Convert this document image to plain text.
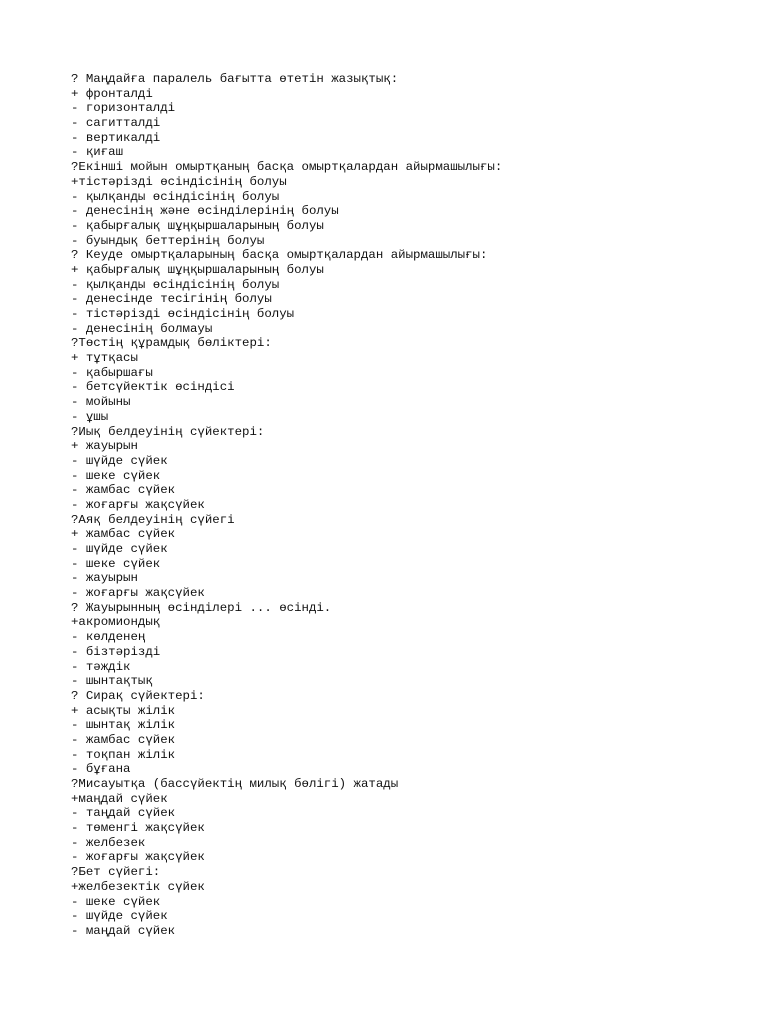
? Маңдайға паралель бағытта өтетін жазықтық:
+ фронталді
- горизонталді
- сагитталді
- вертикалді
- қиғаш
?Екінші мойын омыртқаның басқа омыртқалардан айырмашылығы:
+тістәрізді өсіндісінің болуы
- қылқанды өсіндісінің болуы
- денесінің және өсінділерінің болуы
- қабырғалық шұңқыршаларының болуы
- буындық беттерінің болуы
? Кеуде омыртқаларының басқа омыртқалардан айырмашылығы:
+ қабырғалық шұңқыршаларының болуы
- қылқанды өсіндісінің болуы
- денесінде тесігінің болуы
- тістәрізді өсіндісінің болуы
- денесінің болмауы
?Төстің құрамдық бөліктері:
+ тұтқасы
- қабыршағы
- бетсүйектік өсіндісі
- мойыны
- ұшы
?Иық белдеуінің сүйектері:
+ жауырын
- шүйде сүйек
- шеке сүйек
- жамбас сүйек
- жоғарғы жақсүйек
?Аяқ белдеуінің сүйегі
+ жамбас сүйек
- шүйде сүйек
- шеке сүйек
- жауырын
- жоғарғы жақсүйек
? Жауырынның өсінділері ... өсінді.
+акромиондық
- көлденең
- бізтәрізді
- тәждік
- шынтақтық
? Сирақ сүйектері:
+ асықты жілік
- шынтақ жілік
- жамбас сүйек
- тоқпан жілік
- бұғана
?Мисауытқа (бассүйектің милық бөлігі) жатады
+маңдай сүйек
- таңдай сүйек
- төменгі жақсүйек
- желбезек
- жоғарғы жақсүйек
?Бет сүйегі:
+желбезектік сүйек
- шеке сүйек
- шүйде сүйек
- маңдай сүйек
